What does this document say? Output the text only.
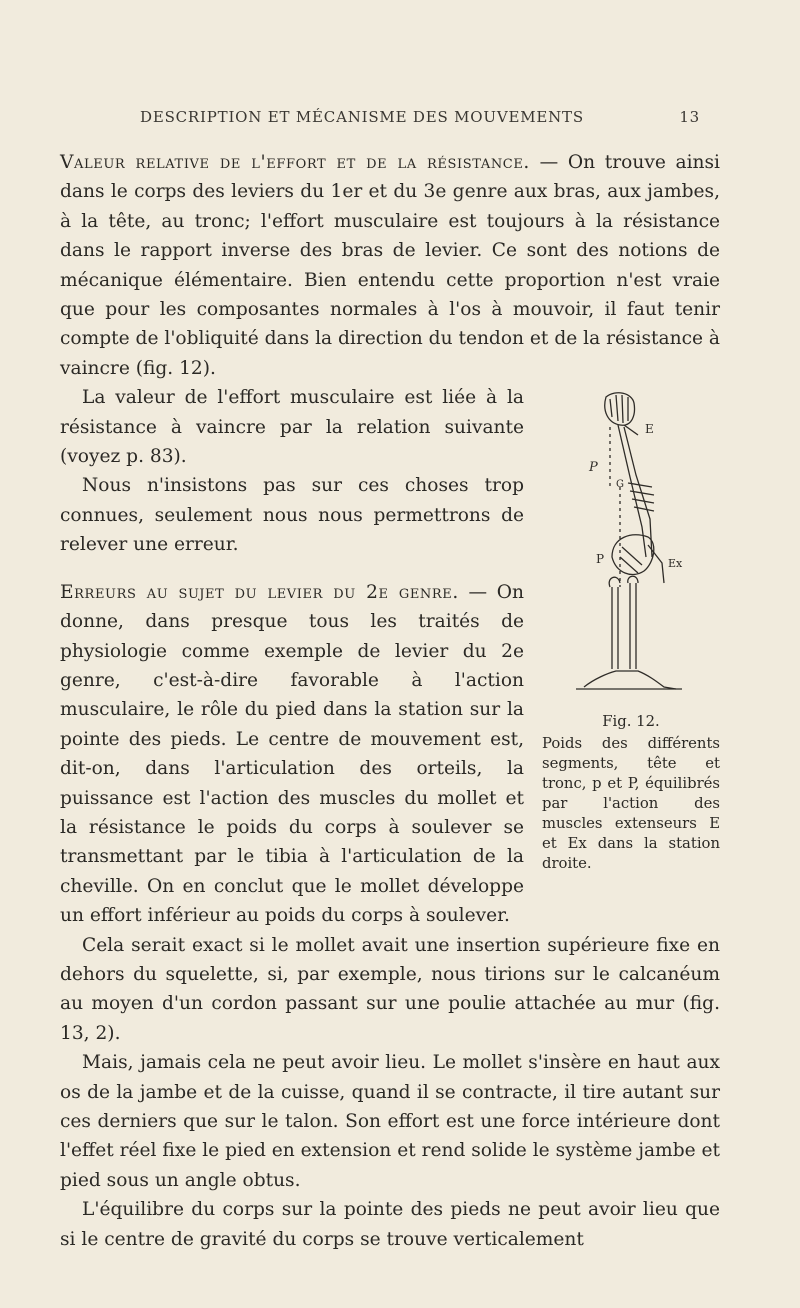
DESCRIPTION ET MÉCANISME DES MOUVEMENTS	13

Valeur relative de l'effort et de la résistance. — On trouve ainsi dans le corps des leviers du 1er et du 3e genre aux bras, aux jambes, à la tête, au tronc; l'effort musculaire est toujours à la résistance dans le rapport inverse des bras de levier. Ce sont des notions de mécanique élémentaire. Bien entendu cette proportion n'est vraie que pour les composantes normales à l'os à mouvoir, il faut tenir compte de l'obliquité dans la direction du tendon et de la résistance à vaincre (fig. 12).

E
P
G
P	Ex
Fig. 12.
Poids des différents segments, tête et tronc, p et P, équilibrés par l'action des muscles extenseurs E et Ex dans la station droite.

La valeur de l'effort musculaire est liée à la résistance à vaincre par la relation suivante (voyez p. 83).

Nous n'insistons pas sur ces choses trop connues, seulement nous nous permettrons de relever une erreur.

Erreurs au sujet du levier du 2e genre. — On donne, dans presque tous les traités de physiologie comme exemple de levier du 2e genre, c'est-à-dire favorable à l'action musculaire, le rôle du pied dans la station sur la pointe des pieds. Le centre de mouvement est, dit-on, dans l'articulation des orteils, la puissance est l'action des muscles du mollet et la résistance le poids du corps à soulever se transmettant par le tibia à l'articulation de la cheville. On en conclut que le mollet développe un effort inférieur au poids du corps à soulever.

Cela serait exact si le mollet avait une insertion supérieure fixe en dehors du squelette, si, par exemple, nous tirions sur le calcanéum au moyen d'un cordon passant sur une poulie attachée au mur (fig. 13, 2).

Mais, jamais cela ne peut avoir lieu. Le mollet s'insère en haut aux os de la jambe et de la cuisse, quand il se contracte, il tire autant sur ces derniers que sur le talon. Son effort est une force intérieure dont l'effet réel fixe le pied en extension et rend solide le système jambe et pied sous un angle obtus.

L'équilibre du corps sur la pointe des pieds ne peut avoir lieu que si le centre de gravité du corps se trouve verticalement
